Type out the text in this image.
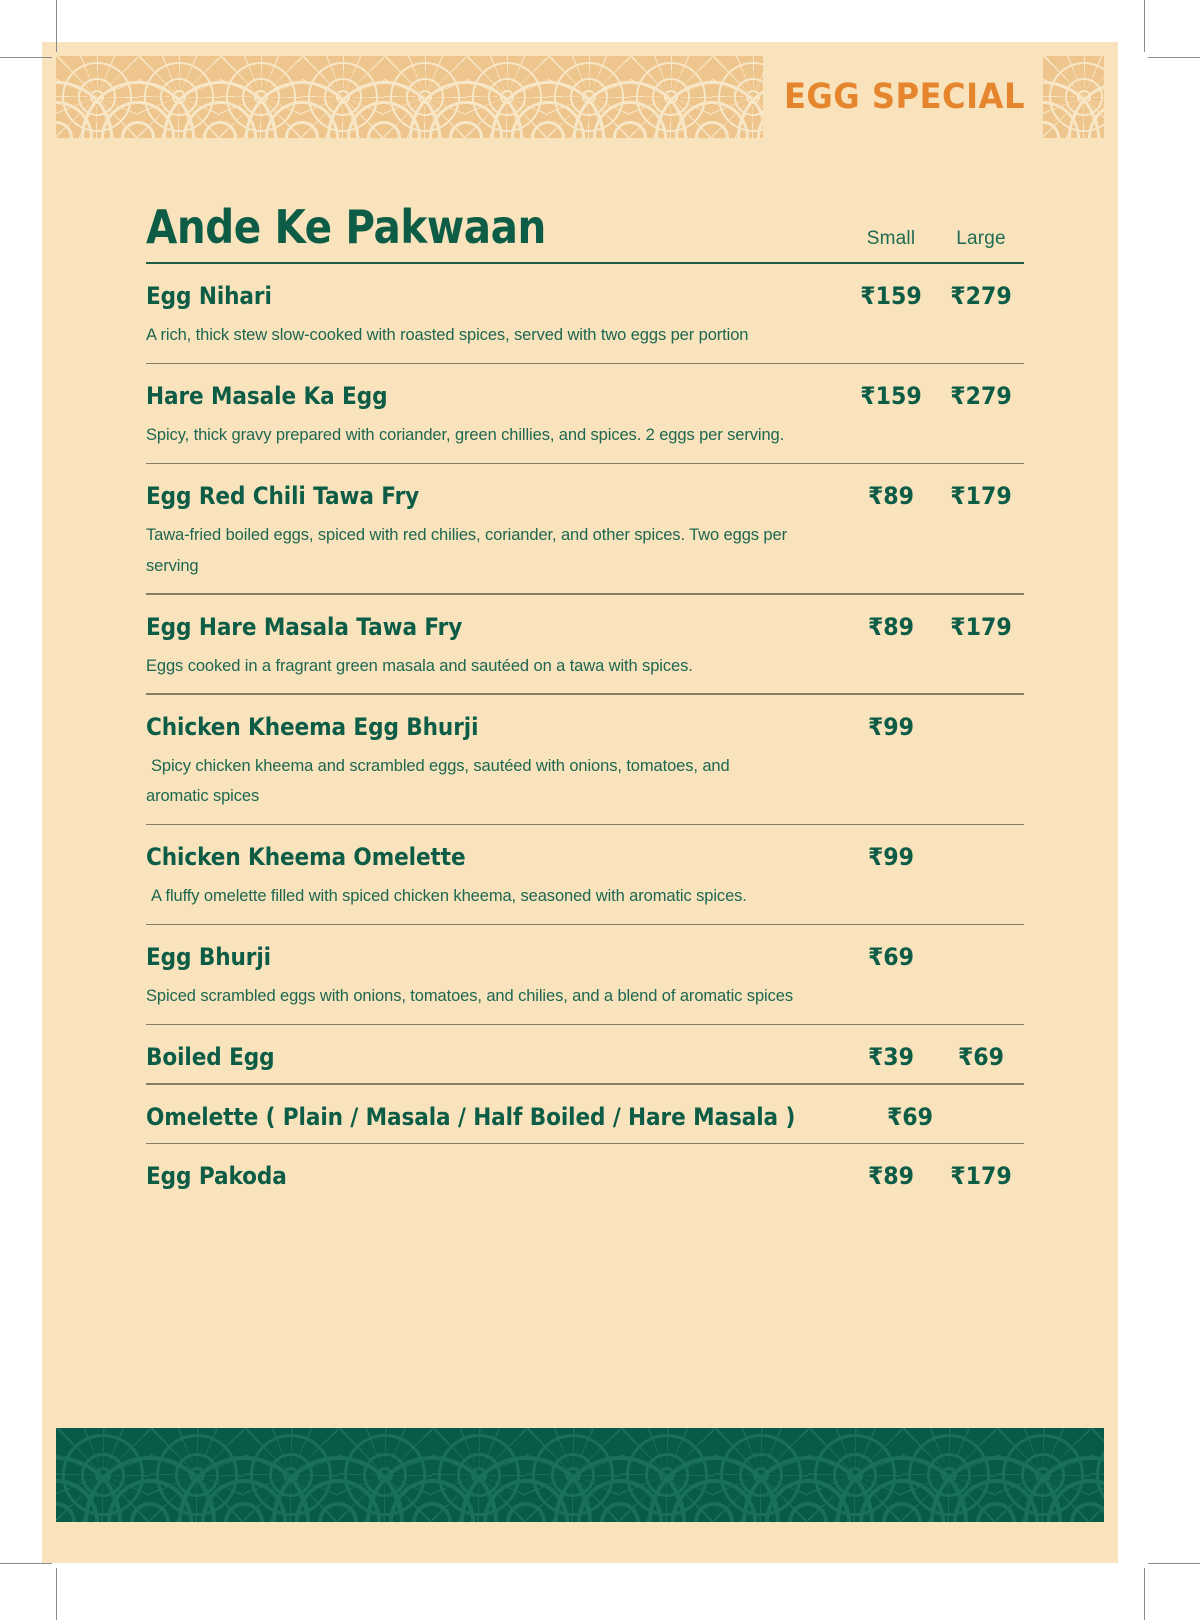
EGG SPECIAL
Ande Ke Pakwaan	Small	Large
Egg Nihari	₹159	₹279
A rich, thick stew slow-cooked with roasted spices, served with two eggs per portion
Hare Masale Ka Egg	₹159	₹279
Spicy, thick gravy prepared with coriander, green chillies, and spices. 2 eggs per serving.
Egg Red Chili Tawa Fry	₹89	₹179
Tawa-fried boiled eggs, spiced with red chilies, coriander, and other spices. Two eggs per serving
Egg Hare Masala Tawa Fry	₹89	₹179
Eggs cooked in a fragrant green masala and sautéed on a tawa with spices.
Chicken Kheema Egg Bhurji	₹99
Spicy chicken kheema and scrambled eggs, sautéed with onions, tomatoes, and aromatic spices
Chicken Kheema Omelette	₹99
A fluffy omelette filled with spiced chicken kheema, seasoned with aromatic spices.
Egg Bhurji	₹69
Spiced scrambled eggs with onions, tomatoes, and chilies, and a blend of aromatic spices
Boiled Egg	₹39	₹69
Omelette ( Plain / Masala / Half Boiled / Hare Masala )	₹69
Egg Pakoda	₹89	₹179
